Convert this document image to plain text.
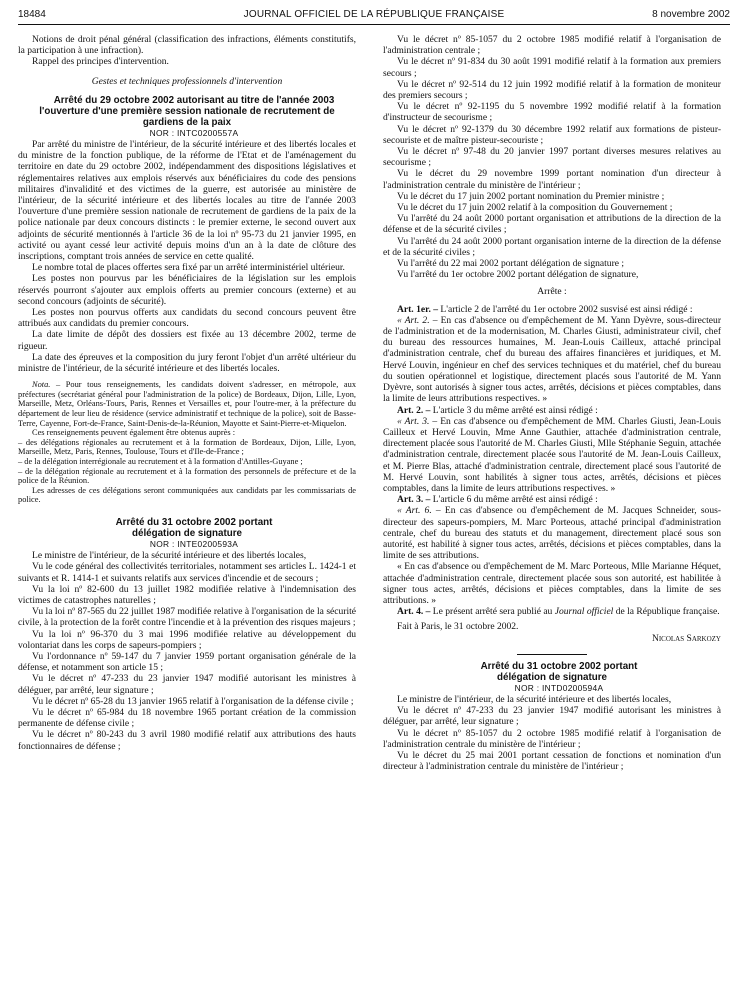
18484	JOURNAL OFFICIEL DE LA RÉPUBLIQUE FRANÇAISE	8 novembre 2002

Notions de droit pénal général (classification des infractions, éléments constitutifs, la participation à une infraction).

Rappel des principes d'intervention.

Gestes et techniques professionnels d'intervention

Arrêté du 29 octobre 2002 autorisant au titre de l'année 2003 l'ouverture d'une première session nationale de recrutement de gardiens de la paix

NOR : INTC0200557A

Par arrêté du ministre de l'intérieur, de la sécurité intérieure et des libertés locales et du ministre de la fonction publique, de la réforme de l'Etat et de l'aménagement du territoire en date du 29 octobre 2002, indépendamment des dispositions législatives et réglementaires relatives aux emplois réservés aux bénéficiaires du code des pensions militaires d'invalidité et des victimes de la guerre, est autorisée au ministère de l'intérieur, de la sécurité intérieure et des libertés locales au titre de l'année 2003 l'ouverture d'une première session nationale de recrutement de gardiens de la paix de la police nationale par deux concours distincts : le premier externe, le second ouvert aux adjoints de sécurité mentionnés à l'article 36 de la loi nº 95-73 du 21 janvier 1995, en activité ou ayant cessé leur activité depuis moins d'un an à la date de clôture des inscriptions, comptant trois années de service en cette qualité.

Le nombre total de places offertes sera fixé par un arrêté interministériel ultérieur.

Les postes non pourvus par les bénéficiaires de la législation sur les emplois réservés pourront s'ajouter aux emplois offerts au premier concours (externe) et au second concours (adjoints de sécurité).

Les postes non pourvus offerts aux candidats du second concours peuvent être attribués aux candidats du premier concours.

La date limite de dépôt des dossiers est fixée au 13 décembre 2002, terme de rigueur.

La date des épreuves et la composition du jury feront l'objet d'un arrêté ultérieur du ministre de l'intérieur, de la sécurité intérieure et des libertés locales.

Nota. – Pour tous renseignements, les candidats doivent s'adresser, en métropole, aux préfectures (secrétariat général pour l'administration de la police) de Bordeaux, Dijon, Lille, Lyon, Marseille, Metz, Orléans-Tours, Paris, Rennes et Versailles et, pour l'outre-mer, à la préfecture du département de leur lieu de résidence (service administratif et technique de la police), soit de Basse-Terre, Cayenne, Fort-de-France, Saint-Denis-de-la-Réunion, Mayotte et Saint-Pierre-et-Miquelon.

Ces renseignements peuvent également être obtenus auprès :

– des délégations régionales au recrutement et à la formation de Bordeaux, Dijon, Lille, Lyon, Marseille, Metz, Paris, Rennes, Toulouse, Tours et d'Ile-de-France ;

– de la délégation interrégionale au recrutement et à la formation d'Antilles-Guyane ;

– de la délégation régionale au recrutement et à la formation des personnels de préfecture et de la police de la Réunion.

Les adresses de ces délégations seront communiquées aux candidats par les commissariats de police.

Arrêté du 31 octobre 2002 portant délégation de signature

NOR : INTE0200593A

Le ministre de l'intérieur, de la sécurité intérieure et des libertés locales,

Vu le code général des collectivités territoriales, notamment ses articles L. 1424-1 et suivants et R. 1414-1 et suivants relatifs aux services d'incendie et de secours ;

Vu la loi nº 82-600 du 13 juillet 1982 modifiée relative à l'indemnisation des victimes de catastrophes naturelles ;

Vu la loi nº 87-565 du 22 juillet 1987 modifiée relative à l'organisation de la sécurité civile, à la protection de la forêt contre l'incendie et à la prévention des risques majeurs ;

Vu la loi nº 96-370 du 3 mai 1996 modifiée relative au développement du volontariat dans les corps de sapeurs-pompiers ;

Vu l'ordonnance nº 59-147 du 7 janvier 1959 portant organisation générale de la défense, et notamment son article 15 ;

Vu le décret nº 47-233 du 23 janvier 1947 modifié autorisant les ministres à déléguer, par arrêté, leur signature ;

Vu le décret nº 65-28 du 13 janvier 1965 relatif à l'organisation de la défense civile ;

Vu le décret nº 65-984 du 18 novembre 1965 portant création de la commission permanente de défense civile ;

Vu le décret nº 80-243 du 3 avril 1980 modifié relatif aux attributions des hauts fonctionnaires de défense ;

Vu le décret nº 85-1057 du 2 octobre 1985 modifié relatif à l'organisation de l'administration centrale ;

Vu le décret nº 91-834 du 30 août 1991 modifié relatif à la formation aux premiers secours ;

Vu le décret nº 92-514 du 12 juin 1992 modifié relatif à la formation de moniteur des premiers secours ;

Vu le décret nº 92-1195 du 5 novembre 1992 modifié relatif à la formation d'instructeur de secourisme ;

Vu le décret nº 92-1379 du 30 décembre 1992 relatif aux formations de pisteur-secouriste et de maître pisteur-secouriste ;

Vu le décret nº 97-48 du 20 janvier 1997 portant diverses mesures relatives au secourisme ;

Vu le décret du 29 novembre 1999 portant nomination d'un directeur à l'administration centrale du ministère de l'intérieur ;

Vu le décret du 17 juin 2002 portant nomination du Premier ministre ;

Vu le décret du 17 juin 2002 relatif à la composition du Gouvernement ;

Vu l'arrêté du 24 août 2000 portant organisation et attributions de la direction de la défense et de la sécurité civiles ;

Vu l'arrêté du 24 août 2000 portant organisation interne de la direction de la défense et de la sécurité civiles ;

Vu l'arrêté du 22 mai 2002 portant délégation de signature ;

Vu l'arrêté du 1er octobre 2002 portant délégation de signature,

Arrête :

Art. 1er. – L'article 2 de l'arrêté du 1er octobre 2002 susvisé est ainsi rédigé :

« Art. 2. – En cas d'absence ou d'empêchement de M. Yann Dyèvre, sous-directeur de l'administration et de la modernisation, M. Charles Giusti, administrateur civil, chef du bureau des ressources humaines, M. Jean-Louis Cailleux, attaché principal d'administration centrale, chef du bureau des affaires financières et juridiques, et M. Hervé Louvin, ingénieur en chef des services techniques et du matériel, chef du bureau du soutien opérationnel et logistique, directement placés sous l'autorité de M. Yann Dyèvre, sont autorisés à signer tous actes, arrêtés, décisions et pièces comptables, dans la limite de leurs attributions respectives. »

Art. 2. – L'article 3 du même arrêté est ainsi rédigé :

« Art. 3. – En cas d'absence ou d'empêchement de MM. Charles Giusti, Jean-Louis Cailleux et Hervé Louvin, Mme Anne Gauthier, attachée d'administration centrale, directement placée sous l'autorité de M. Charles Giusti, Mlle Stéphanie Seguin, attachée d'administration centrale, directement placée sous l'autorité de M. Jean-Louis Cailleux, et M. Pierre Blas, attaché d'administration centrale, directement placé sous l'autorité de M. Hervé Louvin, sont habilités à signer tous actes, arrêtés, décisions et pièces comptables, dans la limite de leurs attributions respectives. »

Art. 3. – L'article 6 du même arrêté est ainsi rédigé :

« Art. 6. – En cas d'absence ou d'empêchement de M. Jacques Schneider, sous-directeur des sapeurs-pompiers, M. Marc Porteous, attaché principal d'administration centrale, chef du bureau des statuts et du management, directement placé sous son autorité, est habilité à signer tous actes, arrêtés, décisions et pièces comptables, dans la limite de ses attributions.

« En cas d'absence ou d'empêchement de M. Marc Porteous, Mlle Marianne Héquet, attachée d'administration centrale, directement placée sous son autorité, est habilitée à signer tous actes, arrêtés, décisions et pièces comptables, dans la limite de ses attributions. »

Art. 4. – Le présent arrêté sera publié au Journal officiel de la République française.

Fait à Paris, le 31 octobre 2002.

Nicolas Sarkozy

Arrêté du 31 octobre 2002 portant délégation de signature

NOR : INTD0200594A

Le ministre de l'intérieur, de la sécurité intérieure et des libertés locales,

Vu le décret nº 47-233 du 23 janvier 1947 modifié autorisant les ministres à déléguer, par arrêté, leur signature ;

Vu le décret nº 85-1057 du 2 octobre 1985 modifié relatif à l'organisation de l'administration centrale du ministère de l'intérieur ;

Vu le décret du 25 mai 2001 portant cessation de fonctions et nomination d'un directeur à l'administration centrale du ministère de l'intérieur ;
